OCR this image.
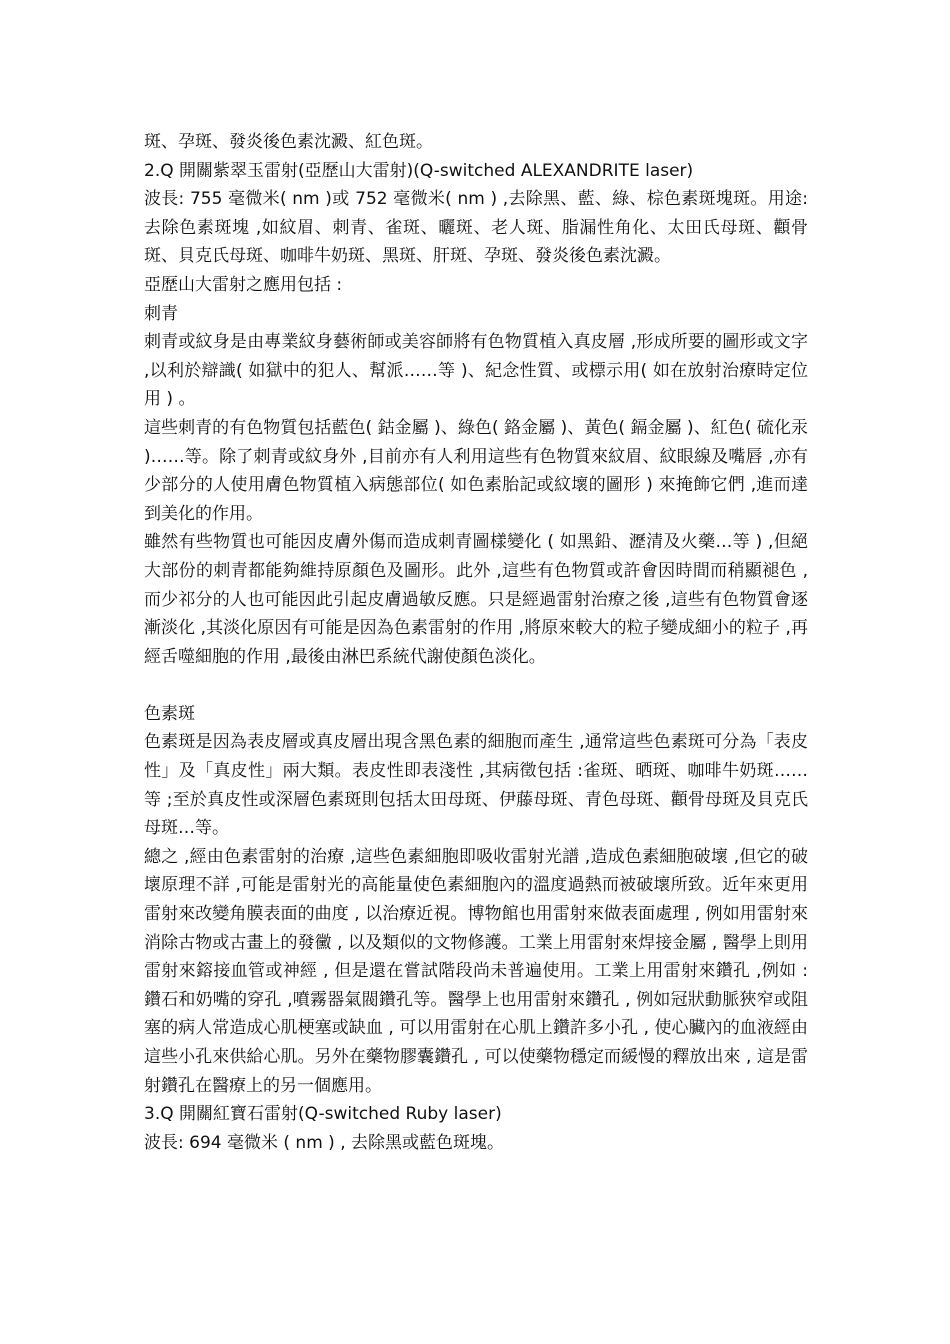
斑、孕斑、發炎後色素沈澱、紅色斑。

2.Q 開關紫翠玉雷射(亞歷山大雷射)(Q-switched ALEXANDRITE laser)

波長: 755 毫微米( nm )或 752 毫微米( nm ) ,去除黑、藍、綠、棕色素斑塊斑。用途: 去除色素斑塊 ,如紋眉、刺青、雀斑、曬斑、老人斑、脂漏性角化、太田氏母斑、顴骨斑、貝克氏母斑、咖啡牛奶斑、黑斑、肝斑、孕斑、發炎後色素沈澱。

亞歷山大雷射之應用包括 :

刺青

刺青或紋身是由專業紋身藝術師或美容師將有色物質植入真皮層 ,形成所要的圖形或文字 ,以利於辯識( 如獄中的犯人、幫派……等 )、紀念性質、或標示用( 如在放射治療時定位用 ) 。

這些刺青的有色物質包括藍色( 鈷金屬 )、綠色( 鉻金屬 )、黃色( 鎘金屬 )、紅色( 硫化汞 )……等。除了刺青或紋身外 ,目前亦有人利用這些有色物質來紋眉、紋眼線及嘴唇 ,亦有少部分的人使用膚色物質植入病態部位( 如色素胎記或紋壞的圖形 ) 來掩飾它們 ,進而達到美化的作用。

雖然有些物質也可能因皮膚外傷而造成刺青圖樣變化 ( 如黑鉛、瀝清及火藥…等 ) ,但絕大部份的刺青都能夠維持原顏色及圖形。此外 ,這些有色物質或許會因時間而稍顯褪色 ,而少祁分的人也可能因此引起皮膚過敏反應。只是經過雷射治療之後 ,這些有色物質會逐漸淡化 ,其淡化原因有可能是因為色素雷射的作用 ,將原來較大的粒子變成細小的粒子 ,再經舌噬細胞的作用 ,最後由淋巴系統代謝使顏色淡化。

色素斑

色素斑是因為表皮層或真皮層出現含黑色素的細胞而產生 ,通常這些色素斑可分為「表皮性」及「真皮性」兩大類。表皮性即表淺性 ,其病徵包括 :雀斑、晒斑、咖啡牛奶斑……等 ;至於真皮性或深層色素斑則包括太田母斑、伊藤母斑、青色母斑、顴骨母斑及貝克氏母斑…等。

總之 ,經由色素雷射的治療 ,這些色素細胞即吸收雷射光譜 ,造成色素細胞破壞 ,但它的破壞原理不詳 ,可能是雷射光的高能量使色素細胞內的溫度過熱而被破壞所致。近年來更用雷射來改變角膜表面的曲度 , 以治療近視。博物館也用雷射來做表面處理 , 例如用雷射來消除古物或古畫上的發黴 , 以及類似的文物修護。工業上用雷射來焊接金屬 , 醫學上則用雷射來鎔接血管或神經 , 但是還在嘗試階段尚未普遍使用。工業上用雷射來鑽孔 ,例如 :鑽石和奶嘴的穿孔 ,噴霧器氣閥鑽孔等。醫學上也用雷射來鑽孔 , 例如冠狀動脈狹窄或阻塞的病人常造成心肌梗塞或缺血 , 可以用雷射在心肌上鑽許多小孔 , 使心臟內的血液經由這些小孔來供給心肌。另外在藥物膠囊鑽孔 , 可以使藥物穩定而緩慢的釋放出來 , 這是雷射鑽孔在醫療上的另一個應用。

3.Q 開關紅寶石雷射(Q-switched Ruby laser)

波長: 694 毫微米 ( nm ) , 去除黑或藍色斑塊。
